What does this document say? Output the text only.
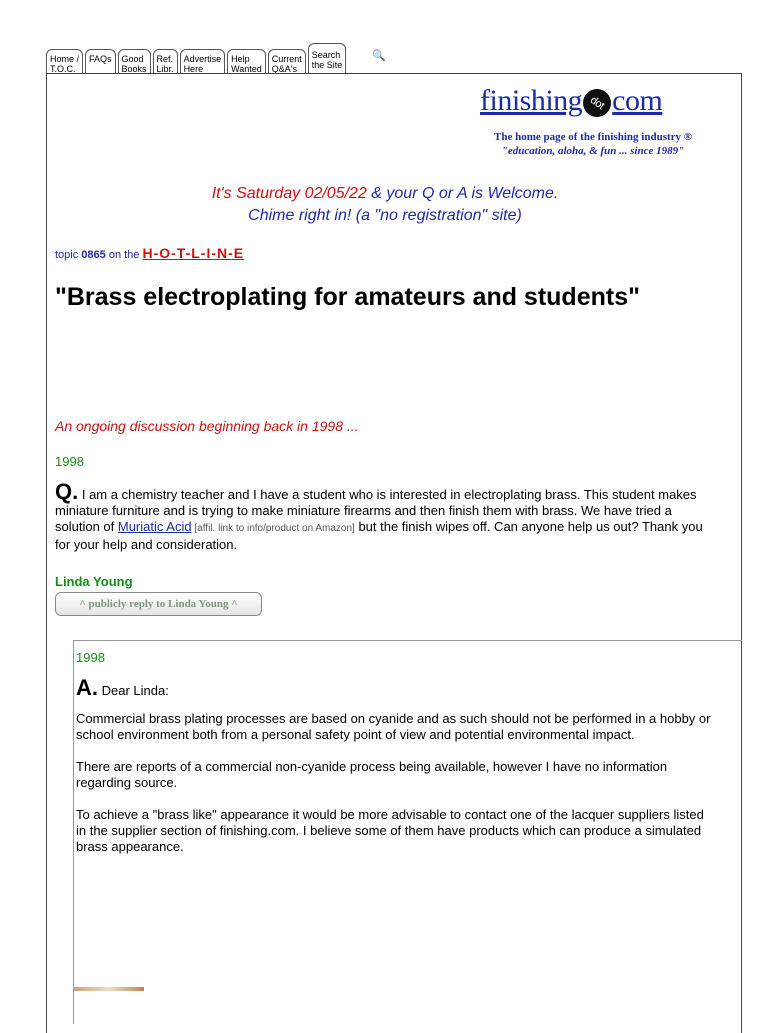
Home /
T.O.C.
FAQs	Good
Books
Ref.
Libr.
Advertise
Here
Help
Wanted
Current
Q&A's
Search
the Site
🔍
finishing dot com
The home page of the finishing industry ®
"education, aloha, & fun ... since 1989"
It's Saturday 02/05/22 & your Q or A is Welcome.
Chime right in! (a "no registration" site)
topic 0865 on the H-O-T-L-I-N-E
"Brass electroplating for amateurs and students"
An ongoing discussion beginning back in 1998 ...
1998
Q. I am a chemistry teacher and I have a student who is interested in electroplating brass. This student makes miniature furniture and is trying to make miniature firearms and then finish them with brass. We have tried a solution of Muriatic Acid [affil. link to info/product on Amazon] but the finish wipes off. Can anyone help us out? Thank you for your help and consideration.
Linda Young
^ publicly reply to Linda Young ^
1998

A. Dear Linda:

Commercial brass plating processes are based on cyanide and as such should not be performed in a hobby or school environment both from a personal safety point of view and potential environmental impact.

There are reports of a commercial non-cyanide process being available, however I have no information regarding source.

To achieve a "brass like" appearance it would be more advisable to contact one of the lacquer suppliers listed in the supplier section of finishing.com. I believe some of them have products which can produce a simulated brass appearance.
